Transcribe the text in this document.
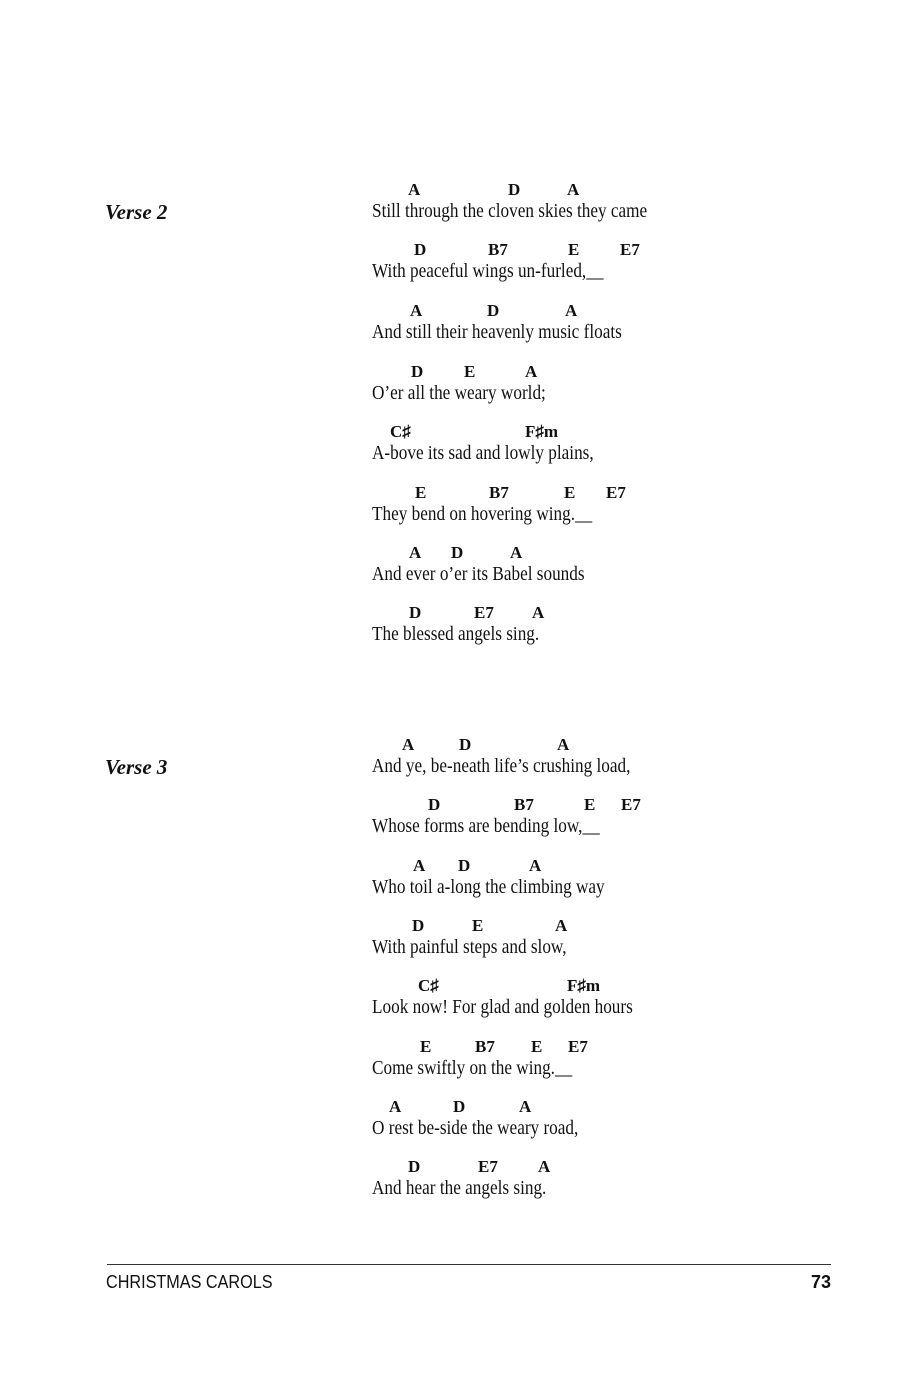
Verse 2
A	D	A
Still through the cloven skies they came
D	B7	E E7
With peaceful wings un-furled,__
A	D	A
And still their heavenly music floats
D E	A
O’er all the weary world;
C♯	F♯m
A-bove its sad and lowly plains,
E	B7	E E7
They bend on hovering wing.__
A D	A
And ever o’er its Babel sounds
D	E7 A
The blessed angels sing.
Verse 3
A	D	A
And ye, be-neath life’s crushing load,
D	B7	E E7
Whose forms are bending low,__
A D	A
Who toil a-long the climbing way
D	E	A
With painful steps and slow,
C♯	F♯m
Look now! For glad and golden hours
E	B7 E E7
Come swiftly on the wing.__
A	D	A
O rest be-side the weary road,
D	E7 A
And hear the angels sing.
CHRISTMAS CAROLS	73
